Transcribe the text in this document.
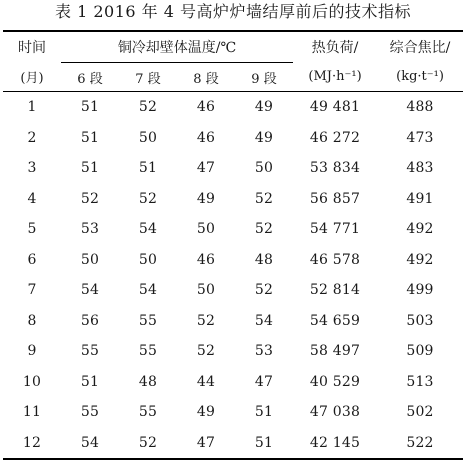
表 1 2016 年 4 号高炉炉墙结厚前后的技术指标
时间	铜冷却壁体温度/℃				热负荷/	综合焦比/
(月)	6 段	7 段	8 段	9 段	(MJ·h⁻¹)	(kg·t⁻¹)
1	51	52	46	49	49 481	488
2	51	50	46	49	46 272	473
3	51	51	47	50	53 834	483
4	52	52	49	52	56 857	491
5	53	54	50	52	54 771	492
6	50	50	46	48	46 578	492
7	54	54	50	52	52 814	499
8	56	55	52	54	54 659	503
9	55	55	52	53	58 497	509
10	51	48	44	47	40 529	513
11	55	55	49	51	47 038	502
12	54	52	47	51	42 145	522
